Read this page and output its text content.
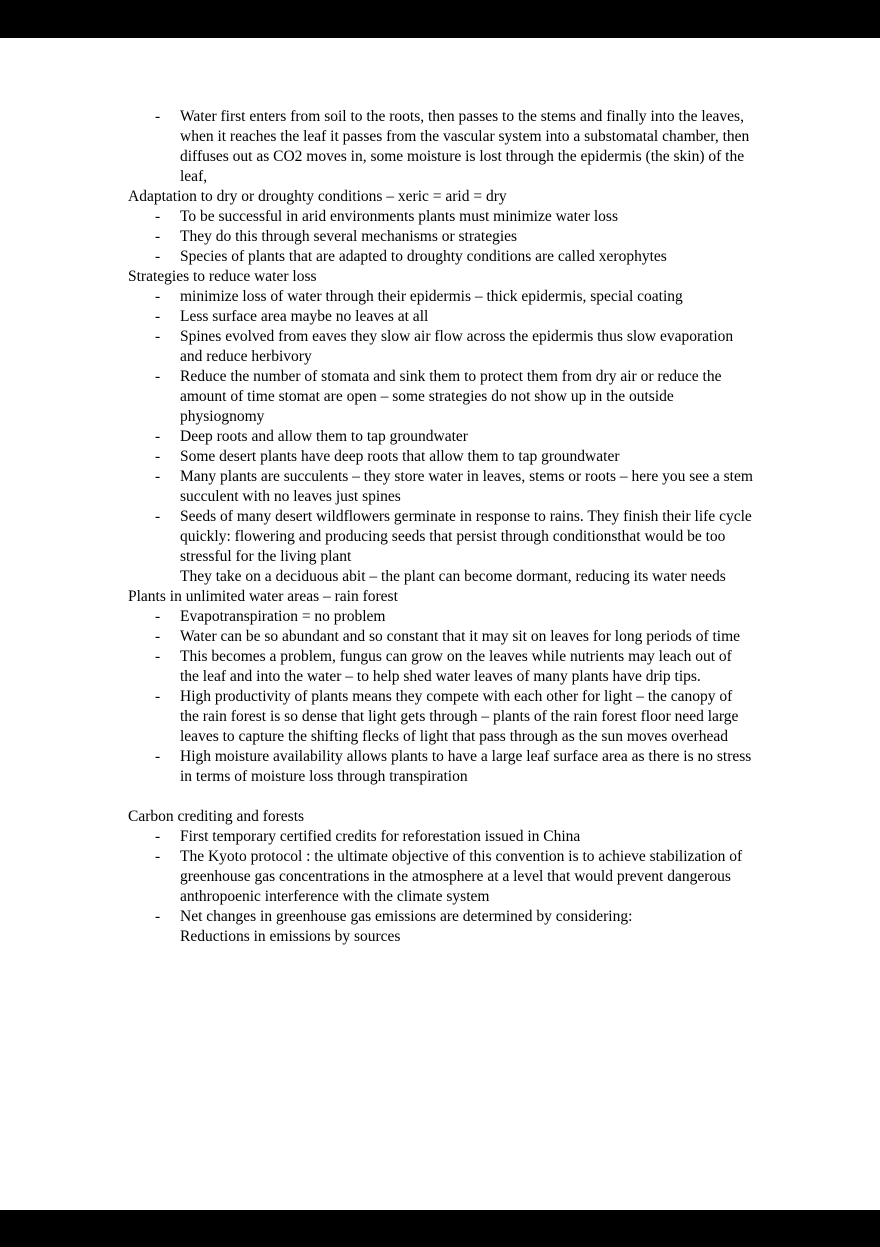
- Water first enters from soil to the roots, then passes to the stems and finally into the leaves, when it reaches the leaf it passes from the vascular system into a substomatal chamber, then diffuses out as CO2 moves in, some moisture is lost through the epidermis (the skin) of the leaf,
Adaptation to dry or droughty conditions – xeric = arid = dry
- To be successful in arid environments plants must minimize water loss
- They do this through several mechanisms or strategies
- Species of plants that are adapted to droughty conditions are called xerophytes
Strategies to reduce water loss
- minimize loss of water through their epidermis – thick epidermis, special coating
- Less surface area maybe no leaves at all
- Spines evolved from eaves they slow air flow across the epidermis thus slow evaporation and reduce herbivory
- Reduce the number of stomata and sink them to protect them from dry air or reduce the amount of time stomat are open – some strategies do not show up in the outside physiognomy
- Deep roots and allow them to tap groundwater
- Some desert plants have deep roots that allow them to tap groundwater
- Many plants are succulents – they store water in leaves, stems or roots – here you see a stem succulent with no leaves just spines
- Seeds of many desert wildflowers germinate in response to rains. They finish their life cycle quickly: flowering and producing seeds that persist through conditionsthat would be too stressful for the living plant
They take on a deciduous abit – the plant can become dormant, reducing its water needs
Plants in unlimited water areas – rain forest
- Evapotranspiration = no problem
- Water can be so abundant and so constant that it may sit on leaves for long periods of time
- This becomes a problem, fungus can grow on the leaves while nutrients may leach out of the leaf and into the water – to help shed water leaves of many plants have drip tips.
- High productivity of plants means they compete with each other for light – the canopy of the rain forest is so dense that light gets through – plants of the rain forest floor need large leaves to capture the shifting flecks of light that pass through as the sun moves overhead
- High moisture availability allows plants to have a large leaf surface area as there is no stress in terms of moisture loss through transpiration
Carbon crediting and forests
- First temporary certified credits for reforestation issued in China
- The Kyoto protocol : the ultimate objective of this convention is to achieve stabilization of greenhouse gas concentrations in the atmosphere at a level that would prevent dangerous anthropoenic interference with the climate system
- Net changes in greenhouse gas emissions are determined by considering:
Reductions in emissions by sources
